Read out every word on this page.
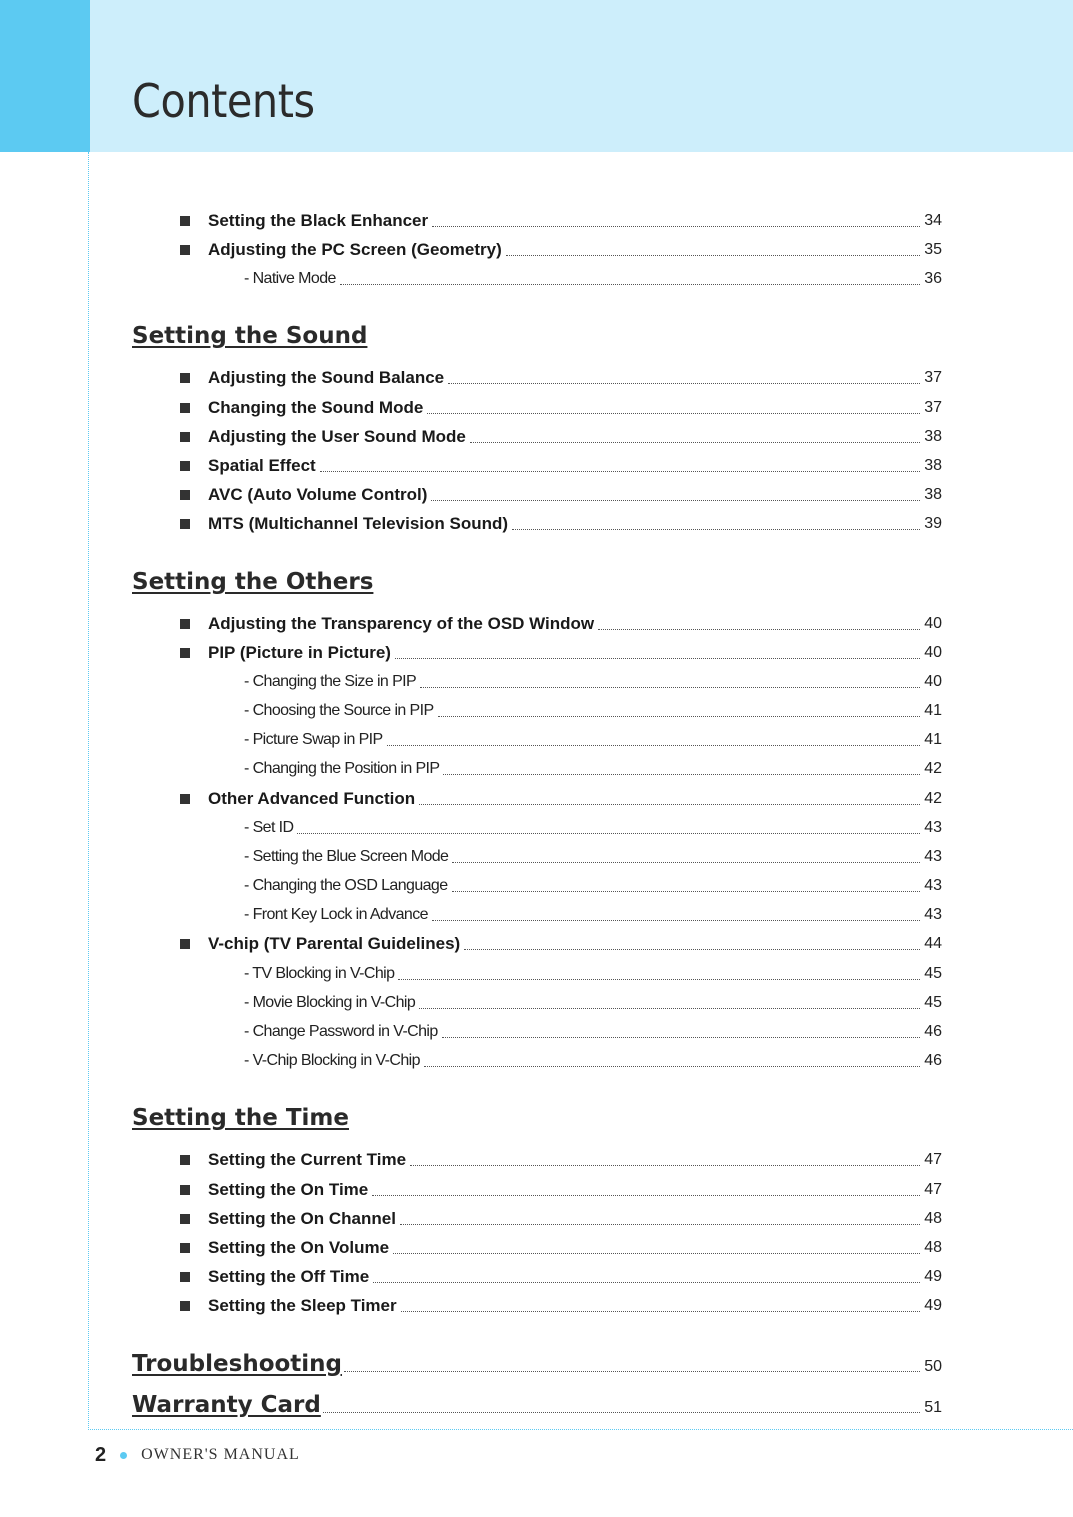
Contents
Setting the Black Enhancer	34
Adjusting the PC Screen (Geometry)	35
- Native Mode	36
Setting the Sound
Adjusting the Sound Balance	37
Changing the Sound Mode	37
Adjusting the User Sound Mode	38
Spatial Effect	38
AVC (Auto Volume Control)	38
MTS (Multichannel Television Sound)	39
Setting the Others
Adjusting the Transparency of the OSD Window	40
PIP (Picture in Picture)	40
- Changing the Size in PIP	40
- Choosing the Source in PIP	41
- Picture Swap in PIP	41
- Changing the Position in PIP	42
Other Advanced Function	42
- Set ID	43
- Setting the Blue Screen Mode	43
- Changing the OSD Language	43
- Front Key Lock in Advance	43
V-chip (TV Parental Guidelines)	44
- TV Blocking in V-Chip	45
- Movie Blocking in V-Chip	45
- Change Password in V-Chip	46
- V-Chip Blocking in V-Chip	46
Setting the Time
Setting the Current Time	47
Setting the On Time	47
Setting the On Channel	48
Setting the On Volume	48
Setting the Off Time	49
Setting the Sleep Timer	49
Troubleshooting	50
Warranty Card	51
2 OWNER'S MANUAL
